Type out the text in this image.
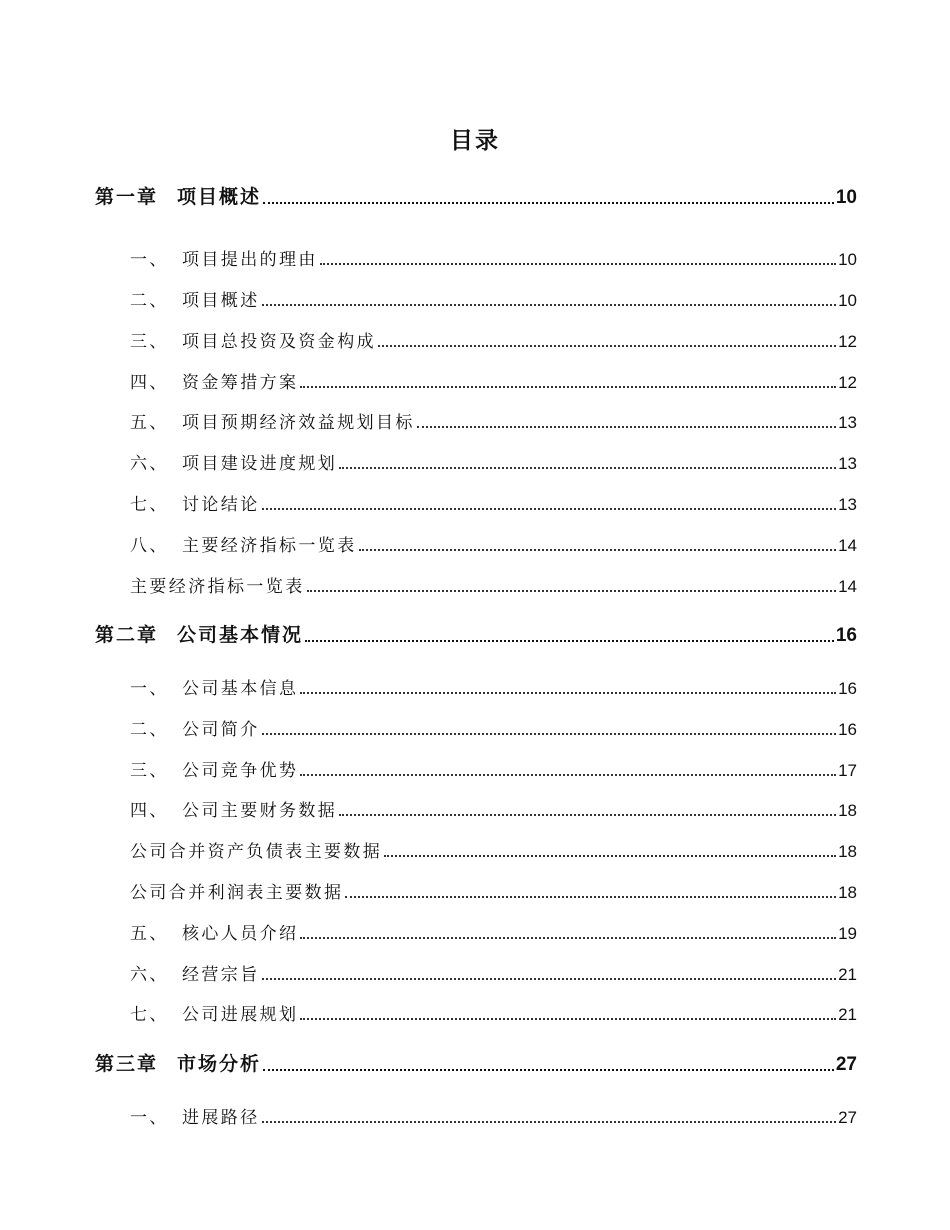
目录
第一章 项目概述	10
一、 项目提出的理由	10
二、 项目概述	10
三、 项目总投资及资金构成	12
四、 资金筹措方案	12
五、 项目预期经济效益规划目标	13
六、 项目建设进度规划	13
七、 讨论结论	13
八、 主要经济指标一览表	14
主要经济指标一览表	14
第二章 公司基本情况	16
一、 公司基本信息	16
二、 公司简介	16
三、 公司竞争优势	17
四、 公司主要财务数据	18
公司合并资产负债表主要数据	18
公司合并利润表主要数据	18
五、 核心人员介绍	19
六、 经营宗旨	21
七、 公司进展规划	21
第三章 市场分析	27
一、 进展路径	27
